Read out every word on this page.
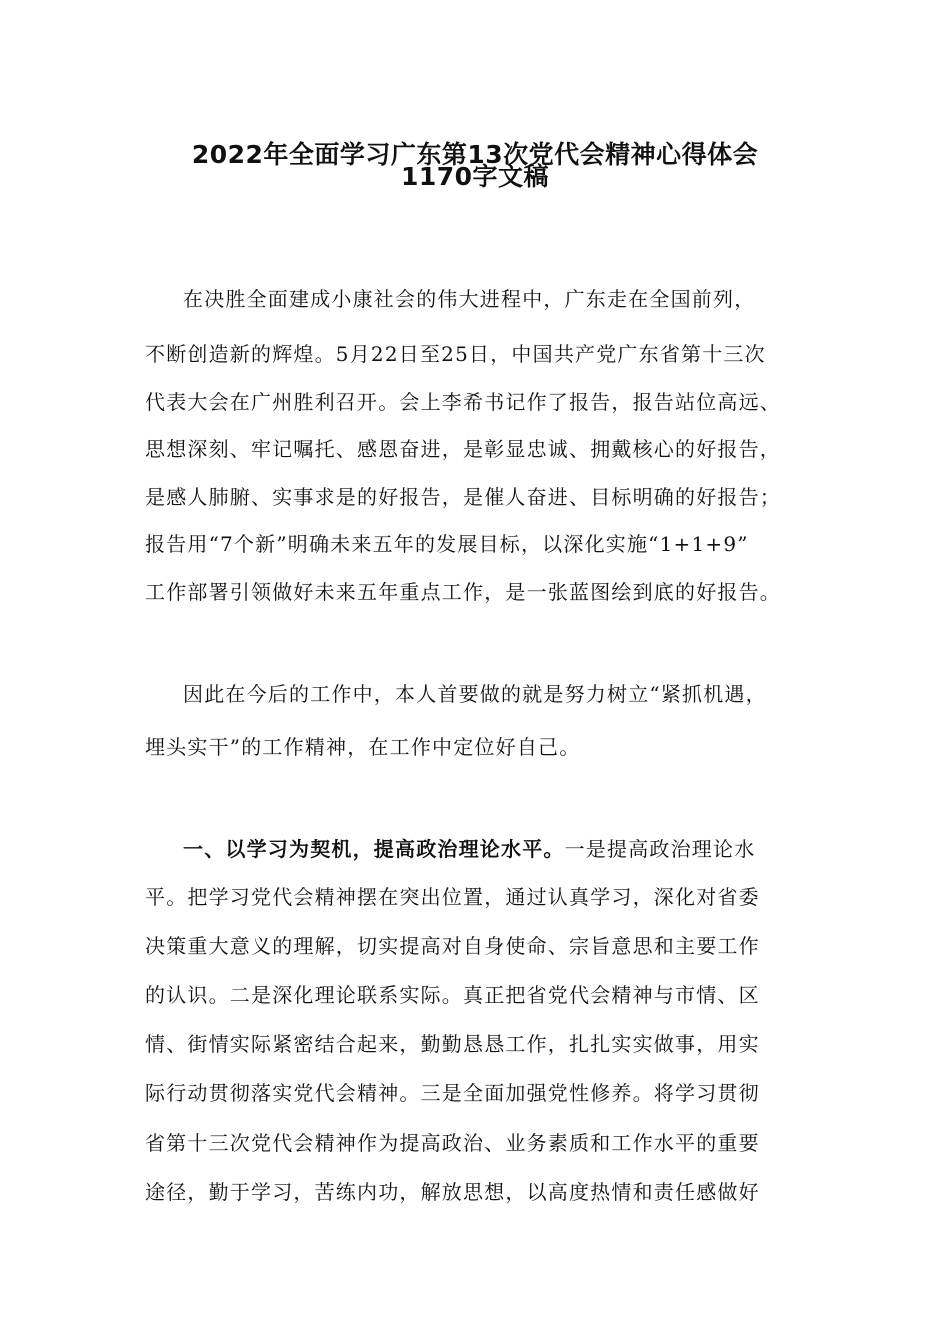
2022年全面学习广东第13次党代会精神心得体会
1170字文稿
在决胜全面建成小康社会的伟大进程中，广东走在全国前列，
不断创造新的辉煌。5月22日至25日，中国共产党广东省第十三次
代表大会在广州胜利召开。会上李希书记作了报告，报告站位高远、
思想深刻、牢记嘱托、感恩奋进，是彰显忠诚、拥戴核心的好报告，
是感人肺腑、实事求是的好报告，是催人奋进、目标明确的好报告；
报告用“7个新”明确未来五年的发展目标，以深化实施“1+1+9”
工作部署引领做好未来五年重点工作，是一张蓝图绘到底的好报告。
因此在今后的工作中，本人首要做的就是努力树立“紧抓机遇，
埋头实干”的工作精神，在工作中定位好自己。
一、以学习为契机，提高政治理论水平。一是提高政治理论水
平。把学习党代会精神摆在突出位置，通过认真学习，深化对省委
决策重大意义的理解，切实提高对自身使命、宗旨意思和主要工作
的认识。二是深化理论联系实际。真正把省党代会精神与市情、区
情、街情实际紧密结合起来，勤勤恳恳工作，扎扎实实做事，用实
际行动贯彻落实党代会精神。三是全面加强党性修养。将学习贯彻
省第十三次党代会精神作为提高政治、业务素质和工作水平的重要
途径，勤于学习，苦练内功，解放思想，以高度热情和责任感做好
